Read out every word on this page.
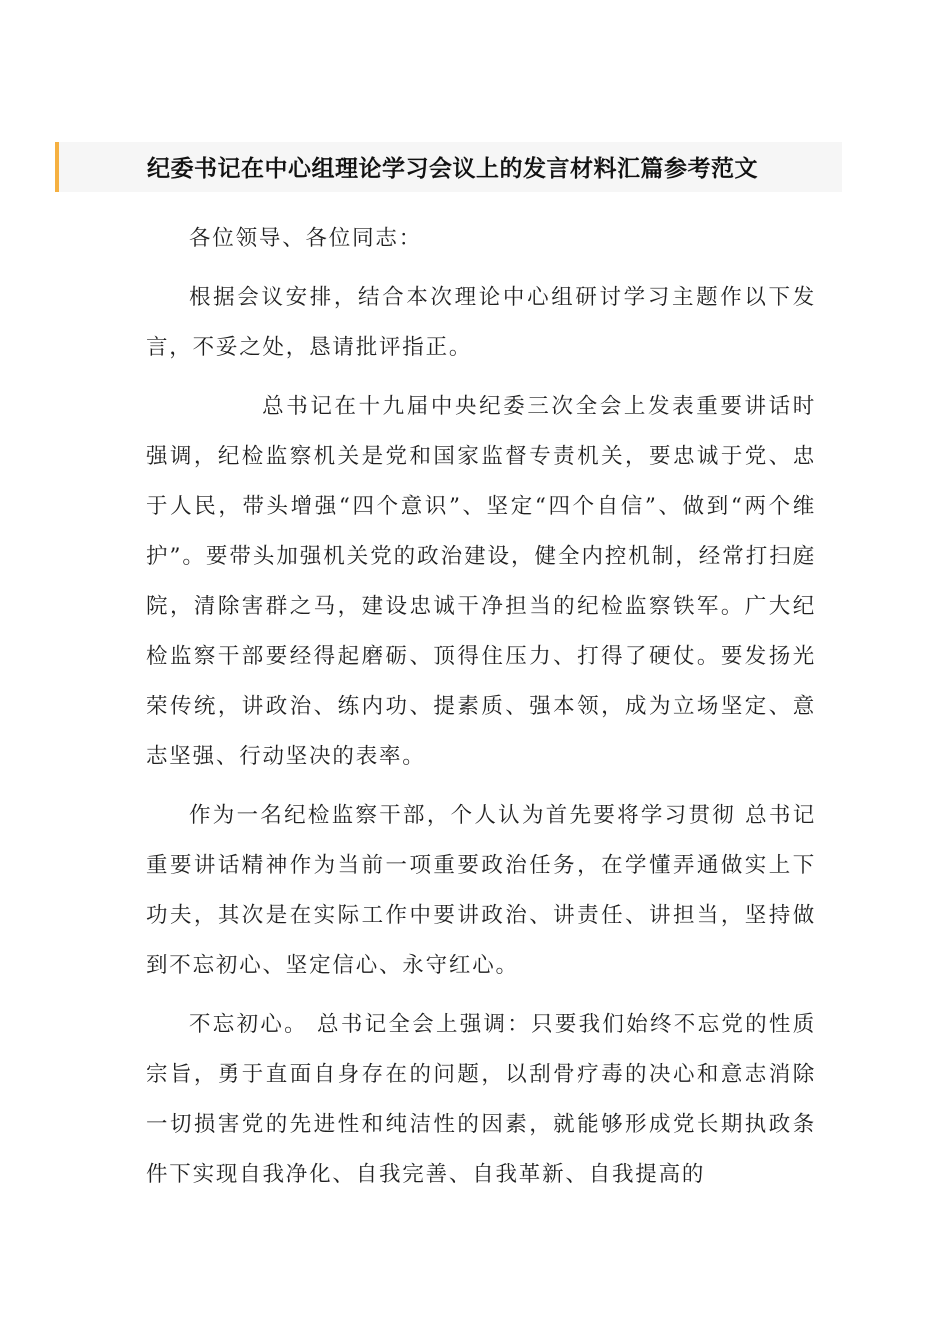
纪委书记在中心组理论学习会议上的发言材料汇篇参考范文

各位领导、各位同志：

根据会议安排，结合本次理论中心组研讨学习主题作以下发言，不妥之处，恳请批评指正。

总书记在十九届中央纪委三次全会上发表重要讲话时强调，纪检监察机关是党和国家监督专责机关，要忠诚于党、忠于人民，带头增强“四个意识”、坚定“四个自信”、做到“两个维护”。要带头加强机关党的政治建设，健全内控机制，经常打扫庭院，清除害群之马，建设忠诚干净担当的纪检监察铁军。广大纪检监察干部要经得起磨砺、顶得住压力、打得了硬仗。要发扬光荣传统，讲政治、练内功、提素质、强本领，成为立场坚定、意志坚强、行动坚决的表率。

作为一名纪检监察干部，个人认为首先要将学习贯彻 总书记重要讲话精神作为当前一项重要政治任务，在学懂弄通做实上下功夫，其次是在实际工作中要讲政治、讲责任、讲担当，坚持做到不忘初心、坚定信心、永守红心。

不忘初心。 总书记全会上强调：只要我们始终不忘党的性质宗旨，勇于直面自身存在的问题，以刮骨疗毒的决心和意志消除一切损害党的先进性和纯洁性的因素，就能够形成党长期执政条件下实现自我净化、自我完善、自我革新、自我提高的
